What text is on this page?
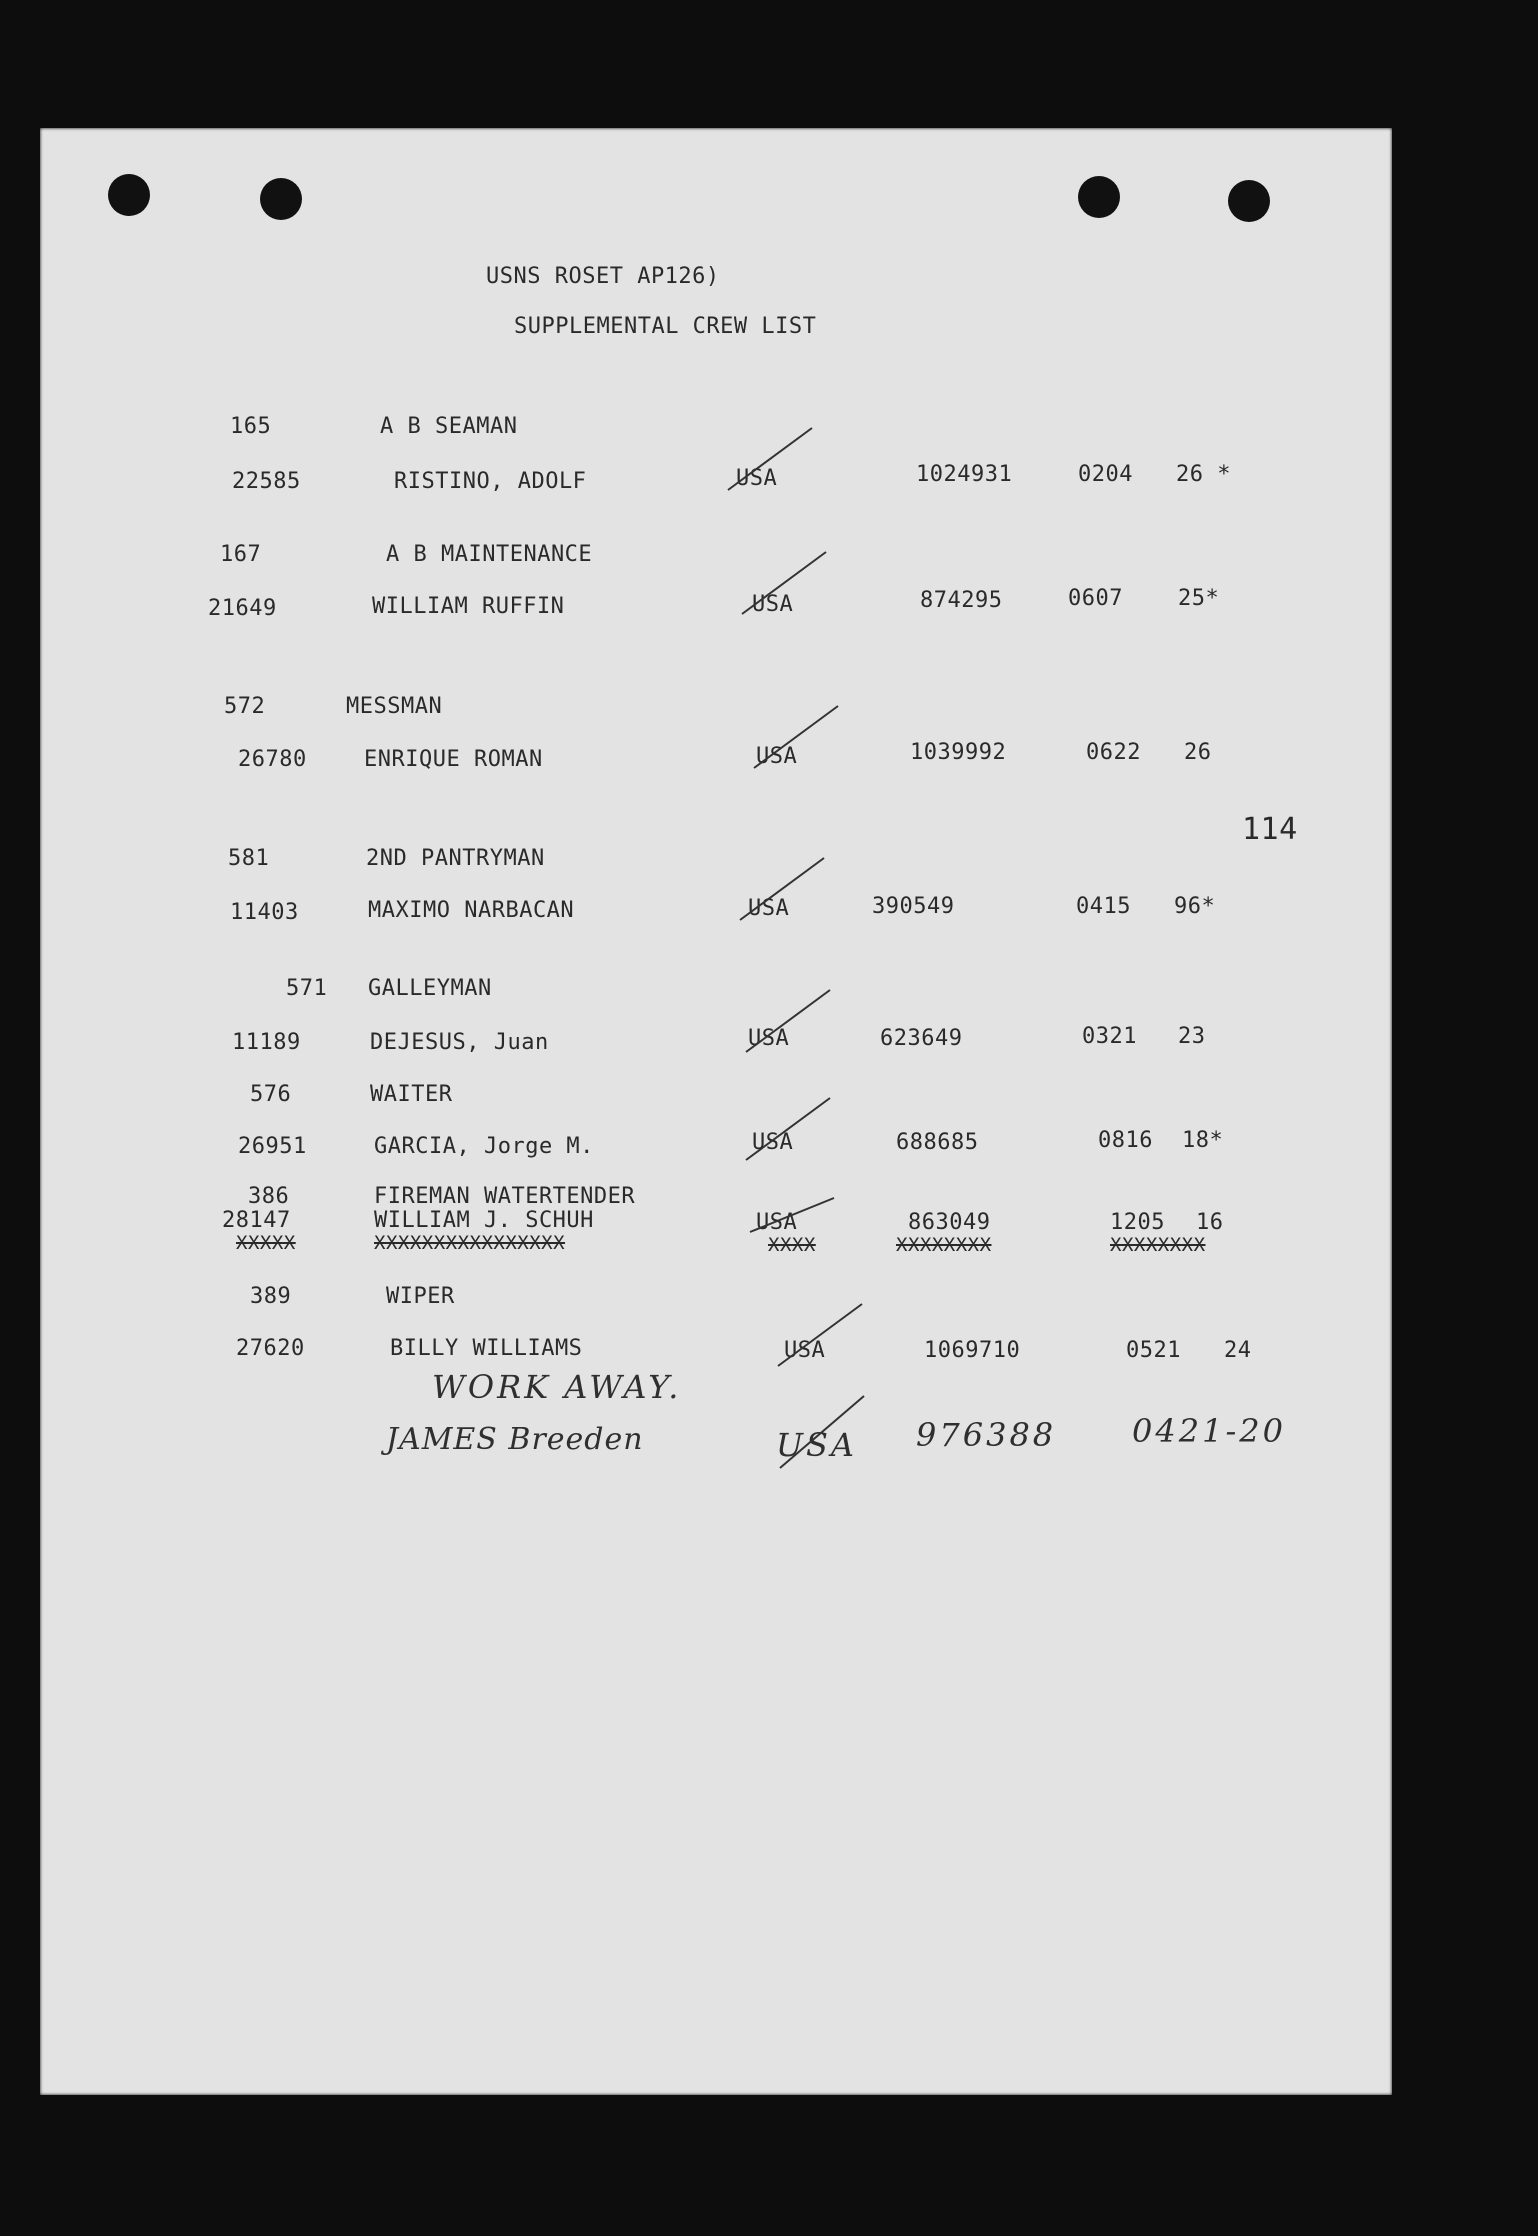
USNS ROSET AP126)
SUPPLEMENTAL CREW LIST
114
165	A B SEAMAN
22585	RISTINO, ADOLF	USA	1024931	0204 26 *
167	A B MAINTENANCE
21649	WILLIAM RUFFIN	USA	874295	0607	25*
572	MESSMAN
26780	ENRIQUE ROMAN	USA	1039992	0622 26
581	2ND PANTRYMAN
11403	MAXIMO NARBACAN	USA	390549	0415 96*
571 GALLEYMAN
11189	DEJESUS, Juan	USA	623649	0321 23
576	WAITER
26951	GARCIA, Jorge M.	USA	688685	0816 18*
386	FIREMAN WATERTENDER
28147	WILLIAM J. SCHUH	USA	863049	1205 16
XXXXX	XXXXXXXXXXXXXXXX	XXXX	XXXXXXXX	XXXXXXXX
389	WIPER
27620	BILLY WILLIAMS	USA	1069710	0521 24
WORK AWAY.
JAMES Breeden	USA 976388 0421-20
